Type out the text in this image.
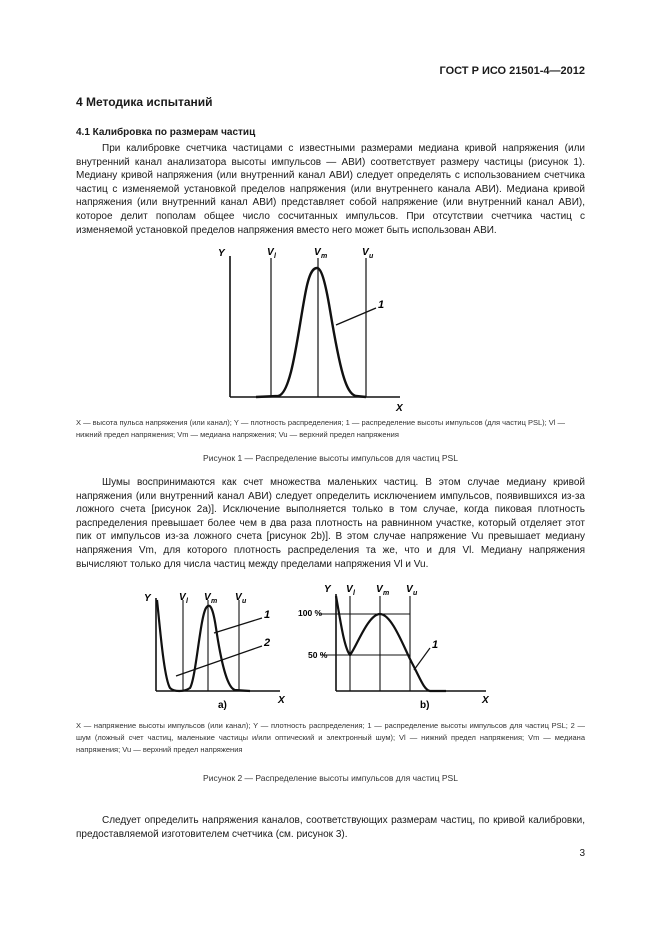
ГОСТ Р ИСО 21501-4—2012
4 Методика испытаний
4.1 Калибровка по размерам частиц
При калибровке счетчика частицами с известными размерами медиана кривой напряжения (или внутренний канал анализатора высоты импульсов — АВИ) соответствует размеру частицы (рисунок 1). Медиану кривой напряжения (или внутренний канал АВИ) следует определять с использованием счетчика частиц с изменяемой установкой пределов напряжения (или внутреннего канала АВИ). Медиана кривой напряжения (или внутренний канал АВИ) представляет собой напряжение (или внутренний канал АВИ), которое делит пополам общее число сосчитанных импульсов. При отсутствии счетчика частиц с изменяемой установкой пределов напряжения вместо него может быть использован АВИ.
Y
X
V l	V m	V u
1
X — высота пульса напряжения (или канал); Y — плотность распределения; 1 — распределение высоты импульсов (для частиц PSL); Vl — нижний предел напряжения; Vm — медиана напряжения; Vu — верхний предел напряжения
Рисунок 1 — Распределение высоты импульсов для частиц PSL
Шумы воспринимаются как счет множества маленьких частиц. В этом случае медиану кривой напряжения (или внутренний канал АВИ) следует определить исключением импульсов, появившихся из-за ложного счета [рисунок 2a)]. Исключение выполняется только в том случае, когда пиковая плотность распределения превышает более чем в два раза плотность на равнинном участке, который отделяет этот пик от импульсов из-за ложного счета [рисунок 2b)]. В этом случае напряжение Vu превышает медиану напряжения Vm, для которого плотность распределения та же, что и для Vl. Медиану напряжения вычисляют только для числа частиц между пределами напряжения Vl и Vu.
Y
X
V l V m V u
1
2
a)
Y
X
V l V m V u
100 %
50 %
1
b)
X — напряжение высоты импульсов (или канал); Y — плотность распределения; 1 — распределение высоты импульсов для частиц PSL; 2 — шум (ложный счет частиц, маленькие частицы и/или оптический и электронный шум); Vl — нижний предел напряжения; Vm — медиана напряжения; Vu — верхний предел напряжения
Рисунок 2 — Распределение высоты импульсов для частиц PSL
Следует определить напряжения каналов, соответствующих размерам частиц, по кривой калибровки, предоставляемой изготовителем счетчика (см. рисунок 3).
3
